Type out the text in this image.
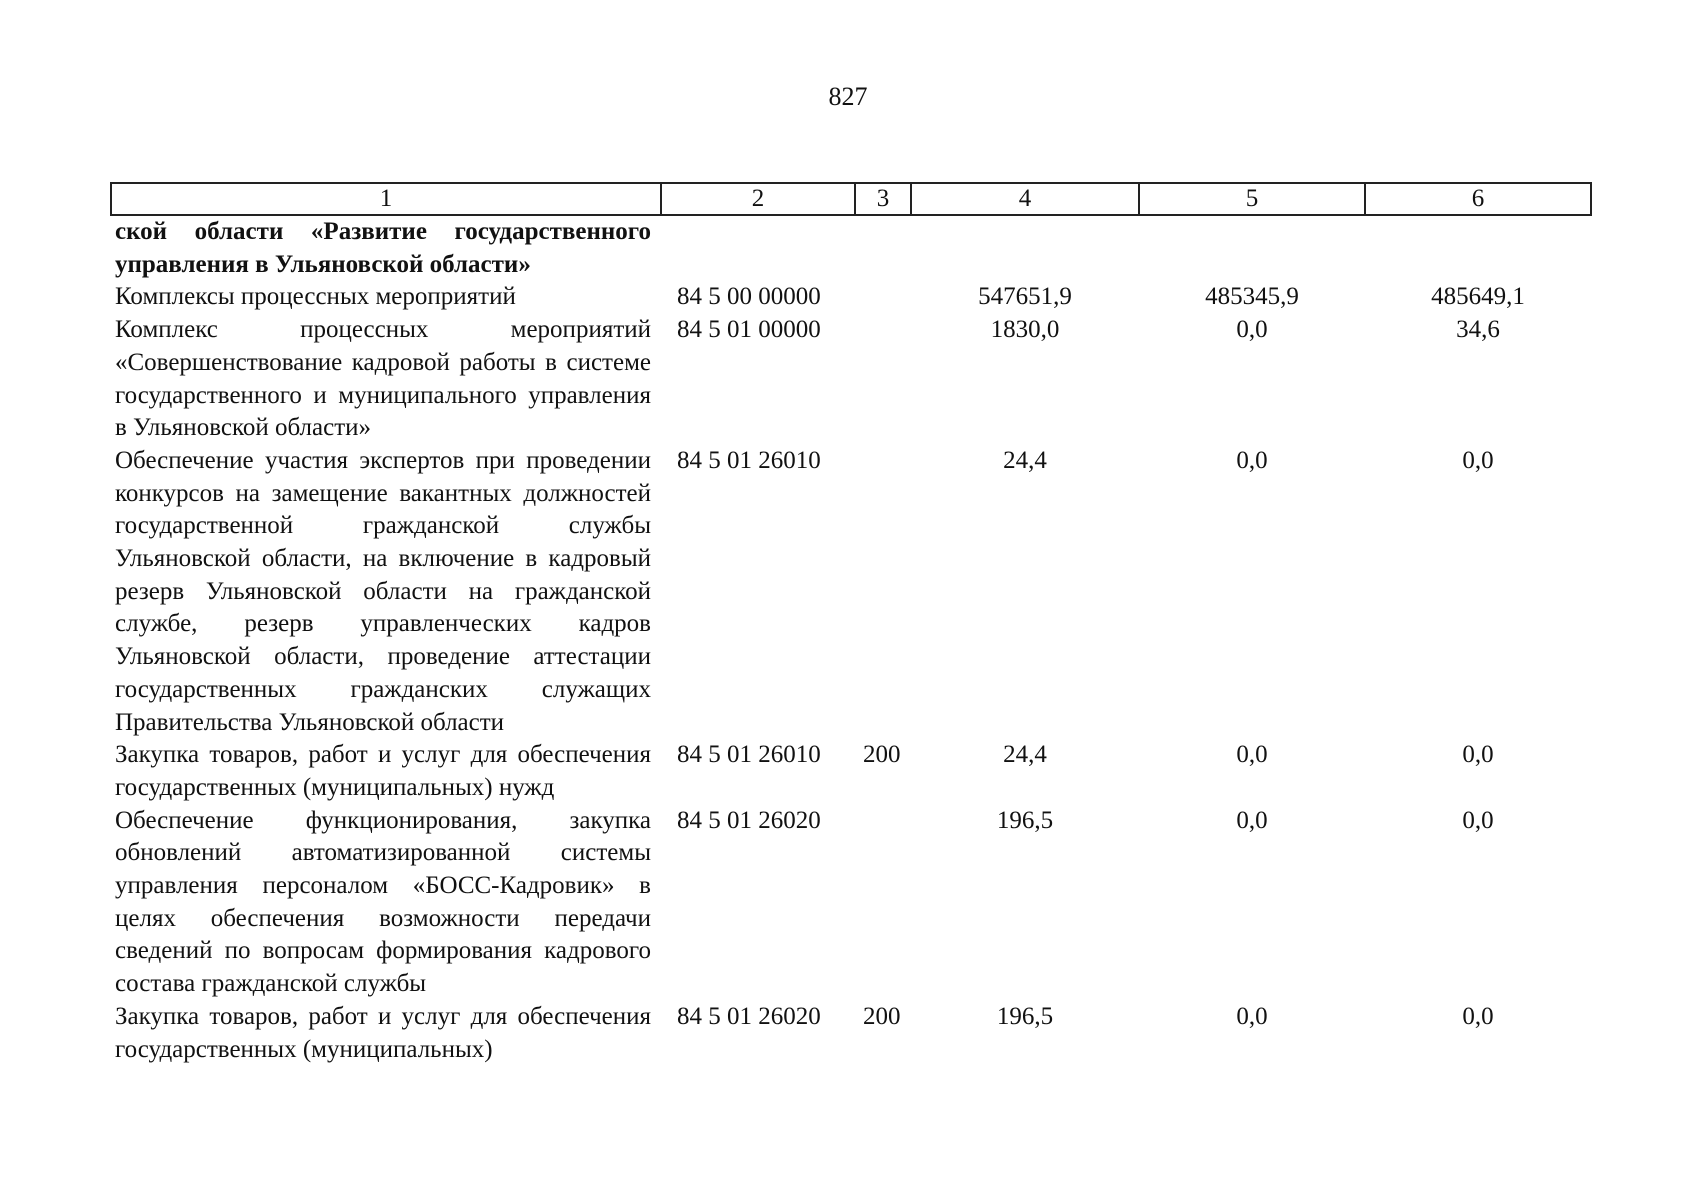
827
1	2	3	4	5	6
ской области «Развитие государственного управления в Ульяновской области»					
Комплексы процессных мероприятий	84 5 00 00000		547651,9	485345,9	485649,1
Комплекс процессных мероприятий «Совершенствование кадровой работы в системе государственного и муниципального управления в Ульяновской области»	84 5 01 00000		1830,0	0,0	34,6
Обеспечение участия экспертов при проведении конкурсов на замещение вакантных должностей государственной гражданской службы Ульяновской области, на включение в кадровый резерв Ульяновской области на гражданской службе, резерв управленческих кадров Ульяновской области, проведение аттестации государственных гражданских служащих Правительства Ульяновской области	84 5 01 26010		24,4	0,0	0,0
Закупка товаров, работ и услуг для обеспечения государственных (муниципальных) нужд	84 5 01 26010	200	24,4	0,0	0,0
Обеспечение функционирования, закупка обновлений автоматизированной системы управления персоналом «БОСС-Кадровик» в целях обеспечения возможности передачи сведений по вопросам формирования кадрового состава гражданской службы	84 5 01 26020		196,5	0,0	0,0
Закупка товаров, работ и услуг для обеспечения государственных (муниципальных)	84 5 01 26020	200	196,5	0,0	0,0
